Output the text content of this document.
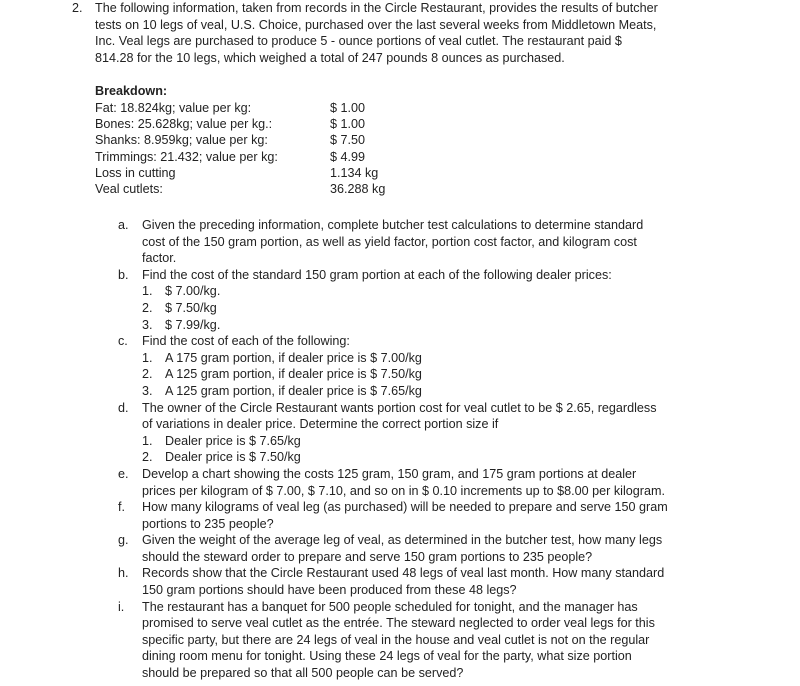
2. The following information, taken from records in the Circle Restaurant, provides the results of butcher

tests on 10 legs of veal, U.S. Choice, purchased over the last several weeks from Middletown Meats,

Inc. Veal legs are purchased to produce 5 - ounce portions of veal cutlet. The restaurant paid $

814.28 for the 10 legs, which weighed a total of 247 pounds 8 ounces as purchased.

Breakdown:
Fat: 18.824kg; value per kg:	$ 1.00
Bones: 25.628kg; value per kg.:	$ 1.00
Shanks: 8.959kg; value per kg:	$ 7.50
Trimmings: 21.432; value per kg:	$ 4.99
Loss in cutting	1.134 kg
Veal cutlets:	36.288 kg
a. Given the preceding information, complete butcher test calculations to determine standard

cost of the 150 gram portion, as well as yield factor, portion cost factor, and kilogram cost

factor.

b. Find the cost of the standard 150 gram portion at each of the following dealer prices:

1. $ 7.00/kg.
2. $ 7.50/kg
3. $ 7.99/kg.
c. Find the cost of each of the following:

1. A 175 gram portion, if dealer price is $ 7.00/kg
2. A 125 gram portion, if dealer price is $ 7.50/kg
3. A 125 gram portion, if dealer price is $ 7.65/kg
d. The owner of the Circle Restaurant wants portion cost for veal cutlet to be $ 2.65, regardless

of variations in dealer price. Determine the correct portion size if

1. Dealer price is $ 7.65/kg
2. Dealer price is $ 7.50/kg
e. Develop a chart showing the costs 125 gram, 150 gram, and 175 gram portions at dealer

prices per kilogram of $ 7.00, $ 7.10, and so on in $ 0.10 increments up to $8.00 per kilogram.

f. How many kilograms of veal leg (as purchased) will be needed to prepare and serve 150 gram

portions to 235 people?

g. Given the weight of the average leg of veal, as determined in the butcher test, how many legs

should the steward order to prepare and serve 150 gram portions to 235 people?

h. Records show that the Circle Restaurant used 48 legs of veal last month. How many standard

150 gram portions should have been produced from these 48 legs?

i. The restaurant has a banquet for 500 people scheduled for tonight, and the manager has

promised to serve veal cutlet as the entrée. The steward neglected to order veal legs for this

specific party, but there are 24 legs of veal in the house and veal cutlet is not on the regular

dining room menu for tonight. Using these 24 legs of veal for the party, what size portion

should be prepared so that all 500 people can be served?
